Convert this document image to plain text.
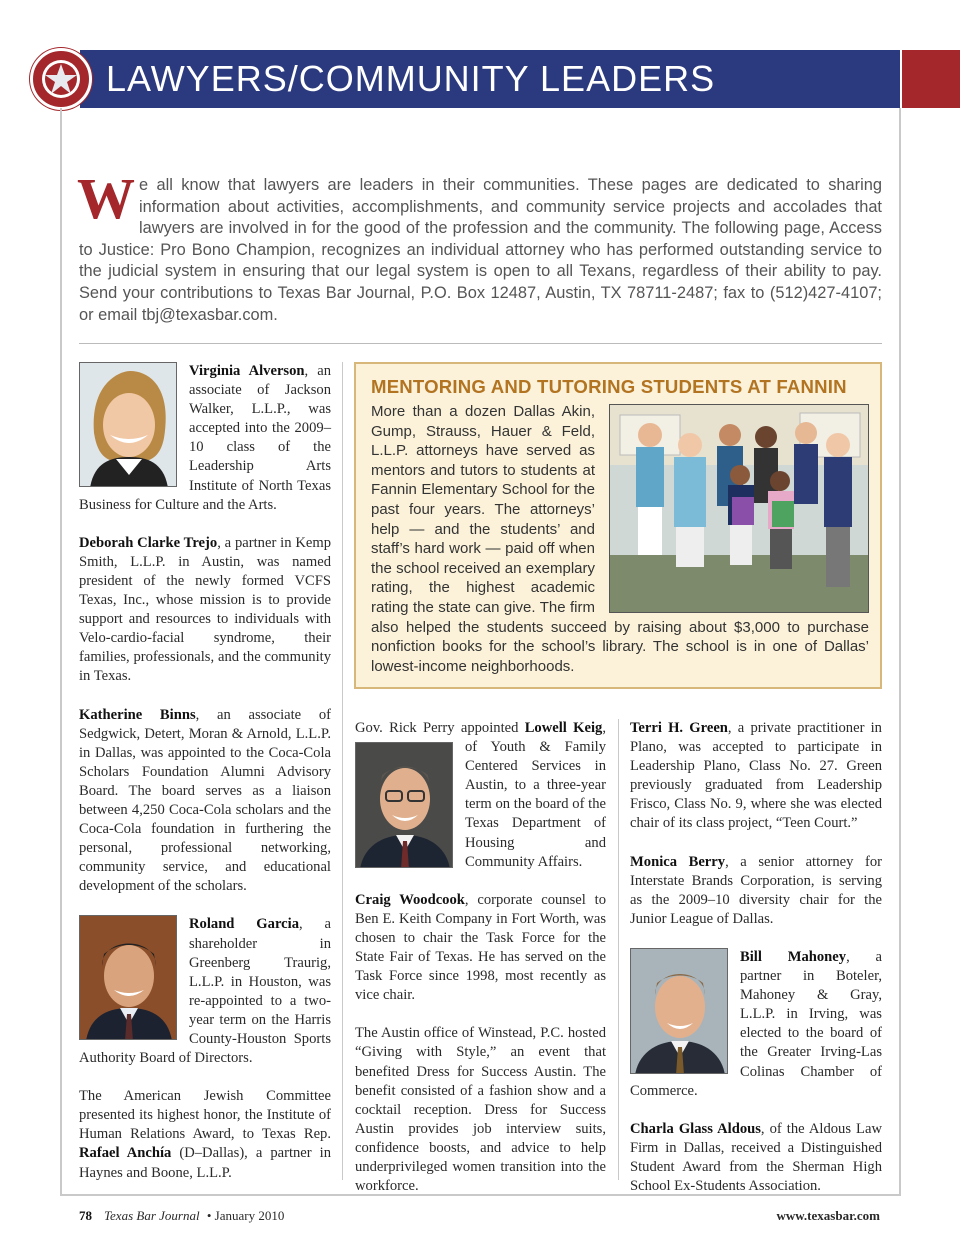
LAWYERS/COMMUNITY LEADERS
We all know that lawyers are leaders in their communities. These pages are dedicated to sharing information about activities, accomplishments, and community service projects and accolades that lawyers are involved in for the good of the profession and the community. The following page, Access to Justice: Pro Bono Champion, recognizes an individual attorney who has performed outstanding service to the judicial system in ensuring that our legal system is open to all Texans, regardless of their ability to pay. Send your contributions to Texas Bar Journal, P.O. Box 12487, Austin, TX 78711-2487; fax to (512)427-4107; or email tbj@texasbar.com.

Virginia Alverson, an associate of Jackson Walker, L.L.P., was accepted into the 2009–10 class of the Leadership Arts Institute of North Texas Business for Culture and the Arts.

Deborah Clarke Trejo, a partner in Kemp Smith, L.L.P. in Austin, was named president of the newly formed VCFS Texas, Inc., whose mission is to provide support and resources to individuals with Velo-cardio-facial syndrome, their families, professionals, and the community in Texas.

Katherine Binns, an associate of Sedgwick, Detert, Moran & Arnold, L.L.P. in Dallas, was appointed to the Coca-Cola Scholars Foundation Alumni Advisory Board. The board serves as a liaison between 4,250 Coca-Cola scholars and the Coca-Cola foundation in furthering the personal, professional networking, community service, and educational development of the scholars.

Roland Garcia, a shareholder in Greenberg Traurig, L.L.P. in Houston, was re-appointed to a two-year term on the Harris County-Houston Sports Authority Board of Directors.

The American Jewish Committee presented its highest honor, the Institute of Human Relations Award, to Texas Rep. Rafael Anchía (D–Dallas), a partner in Haynes and Boone, L.L.P.

MENTORING AND TUTORING STUDENTS AT FANNIN
More than a dozen Dallas Akin, Gump, Strauss, Hauer & Feld, L.L.P. attorneys have served as mentors and tutors to students at Fannin Elementary School for the past four years. The attorneys’ help — and the students’ and staff’s hard work — paid off when the school received an exemplary rating, the highest academic rating the state can give. The firm also helped the students succeed by raising about $3,000 to purchase nonfiction books for the school’s library. The school is in one of Dallas’ lowest-income neighborhoods.

Gov. Rick Perry appointed
Lowell Keig, of Youth & Family Centered Services in Austin, to a three-year term on the board of the Texas Department of Housing and Community Affairs.

Craig Woodcook, corporate counsel to Ben E. Keith Company in Fort Worth, was chosen to chair the Task Force for the State Fair of Texas. He has served on the Task Force since 1998, most recently as vice chair.

The Austin office of Winstead, P.C. hosted “Giving with Style,” an event that benefited Dress for Success Austin. The benefit consisted of a fashion show and a cocktail reception. Dress for Success Austin provides job interview suits, confidence boosts, and advice to help underprivileged women transition into the workforce.

Terri H. Green, a private practitioner in Plano, was accepted to participate in Leadership Plano, Class No. 27. Green previously graduated from Leadership Frisco, Class No. 9, where she was elected chair of its class project, “Teen Court.”

Monica Berry, a senior attorney for Interstate Brands Corporation, is serving as the 2009–10 diversity chair for the Junior League of Dallas.

Bill Mahoney, a partner in Boteler, Mahoney & Gray, L.L.P. in Irving, was elected to the board of the Greater Irving-Las Colinas Chamber of Commerce.

Charla Glass Aldous, of the Aldous Law Firm in Dallas, received a Distinguished Student Award from the Sherman High School Ex-Students Association.

78 Texas Bar Journal • January 2010	www.texasbar.com
